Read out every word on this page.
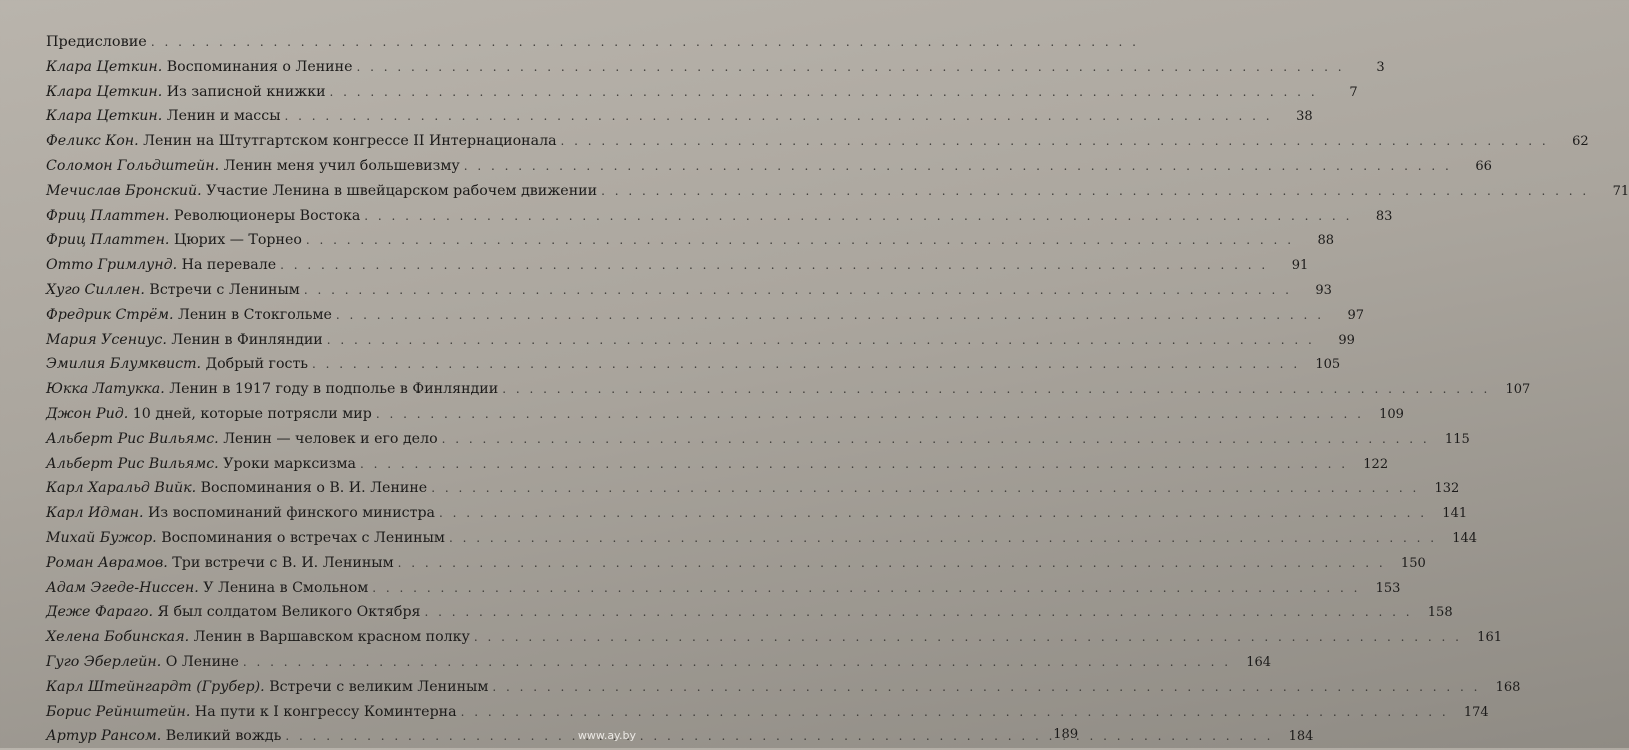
Предисловие
. . .
Клара Цеткин. Воспоминания о Ленине . . .	3
Клара Цеткин. Из записной книжки . . .	7
Клара Цеткин. Ленин и массы . . .	38
Феликс Кон. Ленин на Штутгартском конгрессе II Интернационала . . .	62
Соломон Гольдштейн. Ленин меня учил большевизму . . .	66
Мечислав Бронский. Участие Ленина в швейцарском рабочем движении . . .	71
Фриц Платтен. Революционеры Востока . . .	83
Фриц Платтен. Цюрих — Торнео . . .	88
Отто Гримлунд. На перевале . . .	91
Хуго Силлен. Встречи с Лениным . . .	93
Фредрик Стрём. Ленин в Стокгольме . . .	97
Мария Усениус. Ленин в Финляндии . . .	99
Эмилия Блумквист. Добрый гость . . .	105
Юкка Латукка. Ленин в 1917 году в подполье в Финляндии . . .	107
Джон Рид. 10 дней, которые потрясли мир . . .	109
Альберт Рис Вильямс. Ленин — человек и его дело . . .	115
Альберт Рис Вильямс. Уроки марксизма . . .	122
Карл Харальд Вийк. Воспоминания о В. И. Ленине . . .	132
Карл Идман. Из воспоминаний финского министра . . .	141
Михай Бужор. Воспоминания о встречах с Лениным . . .	144
Роман Аврамов. Три встречи с В. И. Лениным . . .	150
Адам Эгеде-Ниссен. У Ленина в Смольном . . .	153
Деже Фараго. Я был солдатом Великого Октября . . .	158
Хелена Бобинская. Ленин в Варшавском красном полку . . .	161
Гуго Эберлейн. О Ленине . . .	164
Карл Штейнгардт (Грубер). Встречи с великим Лениным . . .	168
Борис Рейнштейн. На пути к I конгрессу Коминтерна . . .	174
Артур Рансом. Великий вождь . . .	184
189
www.ay.by
